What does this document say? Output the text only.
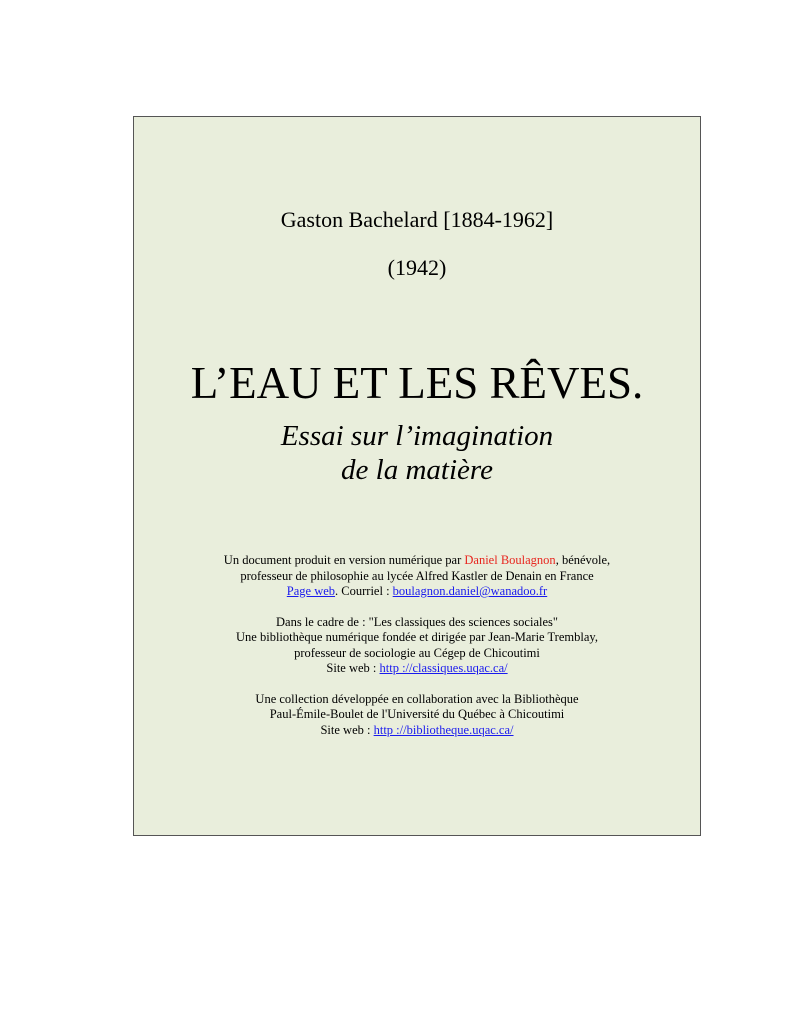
Gaston Bachelard [1884-1962]
(1942)
L’EAU ET LES RÊVES.
Essai sur l’imagination
de la matière

Un document produit en version numérique par Daniel Boulagnon, bénévole,
professeur de philosophie au lycée Alfred Kastler de Denain en France
Page web. Courriel : boulagnon.daniel@wanadoo.fr

Dans le cadre de : "Les classiques des sciences sociales"
Une bibliothèque numérique fondée et dirigée par Jean-Marie Tremblay,
professeur de sociologie au Cégep de Chicoutimi
Site web : http ://classiques.uqac.ca/

Une collection développée en collaboration avec la Bibliothèque
Paul-Émile-Boulet de l'Université du Québec à Chicoutimi
Site web : http ://bibliotheque.uqac.ca/
